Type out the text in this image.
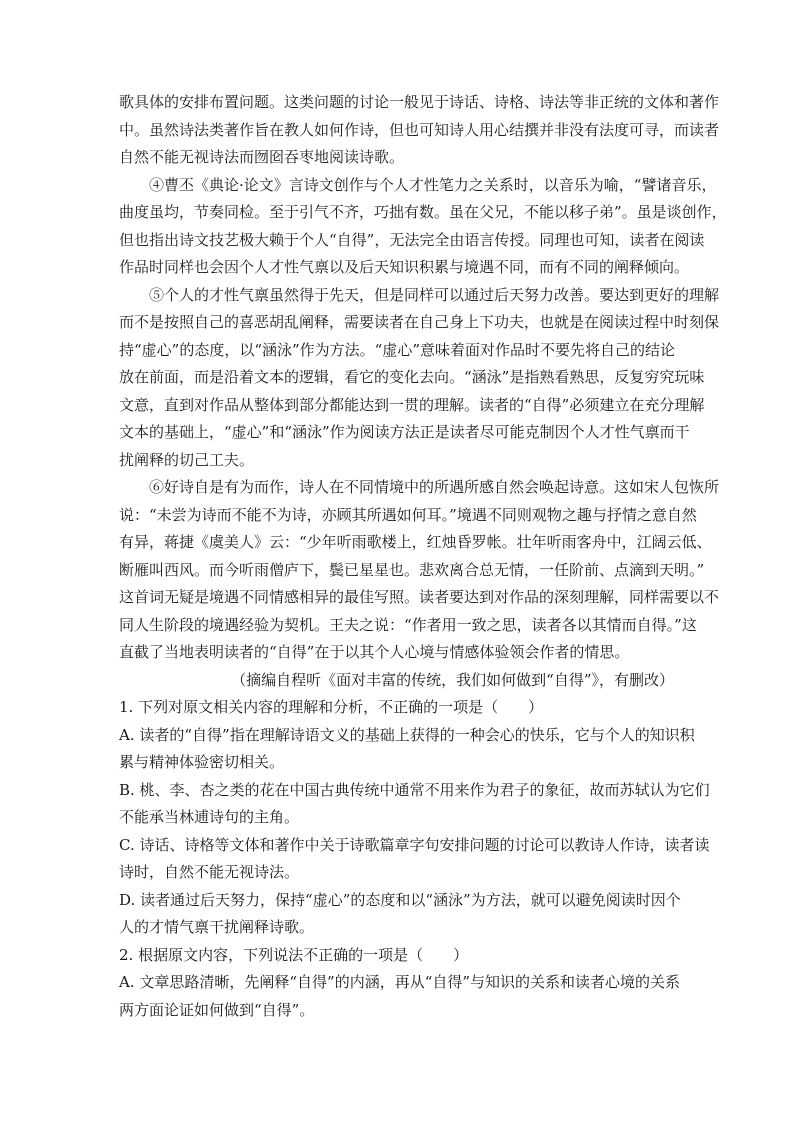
歌具体的安排布置问题。这类问题的讨论一般见于诗话、诗格、诗法等非正统的文体和著作
中。虽然诗法类著作旨在教人如何作诗，但也可知诗人用心结撰并非没有法度可寻，而读者
自然不能无视诗法而囫囵吞枣地阅读诗歌。
④曹丕《典论·论文》言诗文创作与个人才性笔力之关系时，以音乐为喻，“譬诸音乐，
曲度虽均，节奏同检。至于引气不齐，巧拙有数。虽在父兄，不能以移子弟”。虽是谈创作，
但也指出诗文技艺极大赖于个人“自得”，无法完全由语言传授。同理也可知，读者在阅读
作品时同样也会因个人才性气禀以及后天知识积累与境遇不同，而有不同的阐释倾向。
⑤个人的才性气禀虽然得于先天，但是同样可以通过后天努力改善。要达到更好的理解
而不是按照自己的喜恶胡乱阐释，需要读者在自己身上下功夫，也就是在阅读过程中时刻保
持“虚心”的态度，以“涵泳”作为方法。“虚心”意味着面对作品时不要先将自己的结论
放在前面，而是沿着文本的逻辑，看它的变化去向。“涵泳”是指熟看熟思，反复穷究玩味
文意，直到对作品从整体到部分都能达到一贯的理解。读者的“自得”必须建立在充分理解
文本的基础上，“虚心”和“涵泳”作为阅读方法正是读者尽可能克制因个人才性气禀而干
扰阐释的切己工夫。
⑥好诗自是有为而作，诗人在不同情境中的所遇所感自然会唤起诗意。这如宋人包恢所
说：“未尝为诗而不能不为诗，亦顾其所遇如何耳。”境遇不同则观物之趣与抒情之意自然
有异，蒋捷《虞美人》云：“少年听雨歌楼上，红烛昏罗帐。壮年听雨客舟中，江阔云低、
断雁叫西风。而今听雨僧庐下，鬓已星星也。悲欢离合总无情，一任阶前、点滴到天明。”
这首词无疑是境遇不同情感相异的最佳写照。读者要达到对作品的深刻理解，同样需要以不
同人生阶段的境遇经验为契机。王夫之说：“作者用一致之思，读者各以其情而自得。”这
直截了当地表明读者的“自得”在于以其个人心境与情感体验领会作者的情思。
（摘编自程听《面对丰富的传统，我们如何做到“自得”》，有删改）
1. 下列对原文相关内容的理解和分析，不正确的一项是（　　）
A. 读者的“自得”指在理解诗语文义的基础上获得的一种会心的快乐，它与个人的知识积
累与精神体验密切相关。
B. 桃、李、杏之类的花在中国古典传统中通常不用来作为君子的象征，故而苏轼认为它们
不能承当林逋诗句的主角。
C. 诗话、诗格等文体和著作中关于诗歌篇章字句安排问题的讨论可以教诗人作诗，读者读
诗时，自然不能无视诗法。
D. 读者通过后天努力，保持“虚心”的态度和以“涵泳”为方法，就可以避免阅读时因个
人的才情气禀干扰阐释诗歌。
2. 根据原文内容，下列说法不正确的一项是（　　）
A. 文章思路清晰，先阐释“自得”的内涵，再从“自得”与知识的关系和读者心境的关系
两方面论证如何做到“自得”。
